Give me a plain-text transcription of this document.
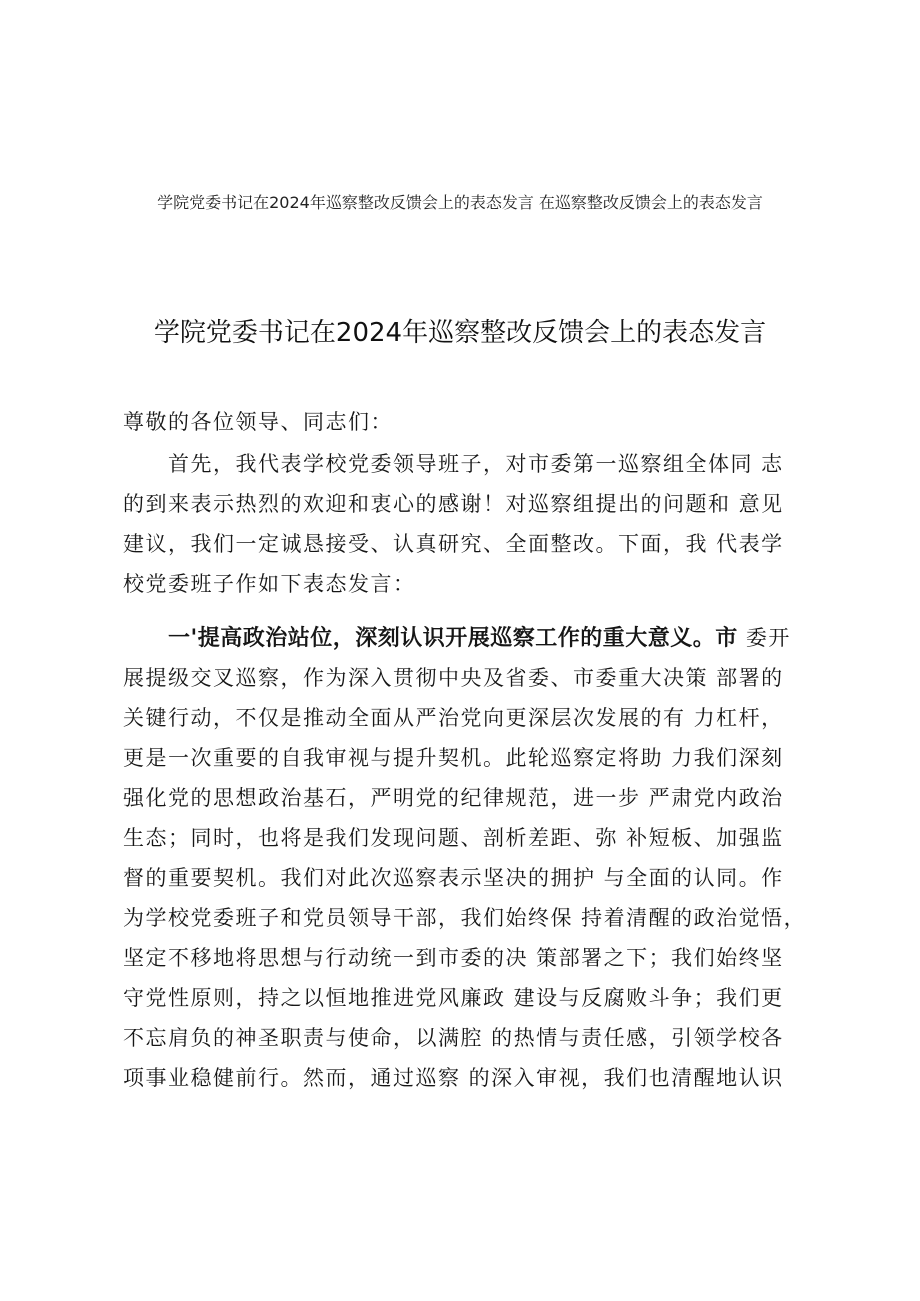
学院党委书记在2024年巡察整改反馈会上的表态发言 在巡察整改反馈会上的表态发言
学院党委书记在2024年巡察整改反馈会上的表态发言
尊敬的各位领导、同志们：
　　首先，我代表学校党委领导班子，对市委第一巡察组全体同 志
的到来表示热烈的欢迎和衷心的感谢！对巡察组提出的问题和 意见
建议，我们一定诚恳接受、认真研究、全面整改。下面，我 代表学
校党委班子作如下表态发言：
　　一'提高政治站位，深刻认识开展巡察工作的重大意义。市 委开
展提级交叉巡察，作为深入贯彻中央及省委、市委重大决策 部署的
关键行动，不仅是推动全面从严治党向更深层次发展的有 力杠杆，
更是一次重要的自我审视与提升契机。此轮巡察定将助 力我们深刻
强化党的思想政治基石，严明党的纪律规范，进一步 严肃党内政治
生态；同时，也将是我们发现问题、剖析差距、弥 补短板、加强监
督的重要契机。我们对此次巡察表示坚决的拥护 与全面的认同。作
为学校党委班子和党员领导干部，我们始终保 持着清醒的政治觉悟，
坚定不移地将思想与行动统一到市委的决 策部署之下；我们始终坚
守党性原则，持之以恒地推进党风廉政 建设与反腐败斗争；我们更
不忘肩负的神圣职责与使命，以满腔 的热情与责任感，引领学校各
项事业稳健前行。然而，通过巡察 的深入审视，我们也清醒地认识
